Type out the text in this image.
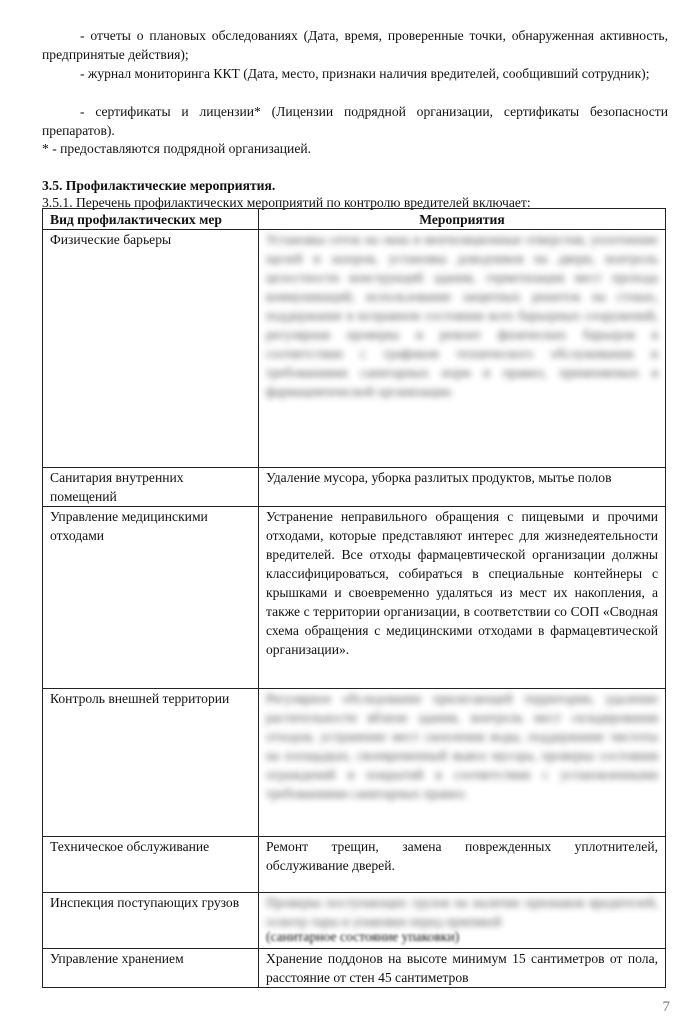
- отчеты о плановых обследованиях (Дата, время, проверенные точки, обнаруженная активность, предпринятые действия);

- журнал мониторинга ККТ (Дата, место, признаки наличия вредителей, сообщивший сотрудник);

- сертификаты и лицензии* (Лицензии подрядной организации, сертификаты безопасности препаратов).

* - предоставляются подрядной организацией.

3.5. Профилактические мероприятия.

3.5.1. Перечень профилактических мероприятий по контролю вредителей включает:

Вид профилактических мер	Мероприятия
Физические барьеры	Установка сеток на окна и вентиляционные отверстия, уплотнение щелей и зазоров, установка доводчиков на двери, контроль целостности конструкций здания, герметизация мест прохода коммуникаций, использование защитных решеток на стоках, поддержание в исправном состоянии всех барьерных сооружений, регулярная проверка и ремонт физических барьеров в соответствии с графиком технического обслуживания и требованиями санитарных норм и правил, применяемых в фармацевтической организации.

Санитария внутренних помещений	Удаление мусора, уборка разлитых продуктов, мытье полов
Управление медицинскими отходами	Устранение неправильного обращения с пищевыми и прочими отходами, которые представляют интерес для жизнедеятельности вредителей. Все отходы фармацевтической организации должны классифицироваться, собираться в специальные контейнеры с крышками и своевременно удаляться из мест их накопления, а также с территории организации, в соответствии со СОП «Сводная схема обращения с медицинскими отходами в фармацевтической организации».
Контроль внешней территории	Регулярное обследование прилегающей территории, удаление растительности вблизи здания, контроль мест складирования отходов, устранение мест скопления воды, поддержание чистоты на площадках, своевременный вывоз мусора, проверка состояния ограждений и покрытий в соответствии с установленными требованиями санитарных правил.

Техническое обслуживание	Ремонт трещин, замена поврежденных уплотнителей, обслуживание дверей.
Инспекция поступающих грузов	Проверка поступающих грузов на наличие признаков вредителей, осмотр тары и упаковки перед приемкой
(санитарное состояние упаковки)

Управление хранением	Хранение поддонов на высоте минимум 15 сантиметров от пола, расстояние от стен 45 сантиметров
7
